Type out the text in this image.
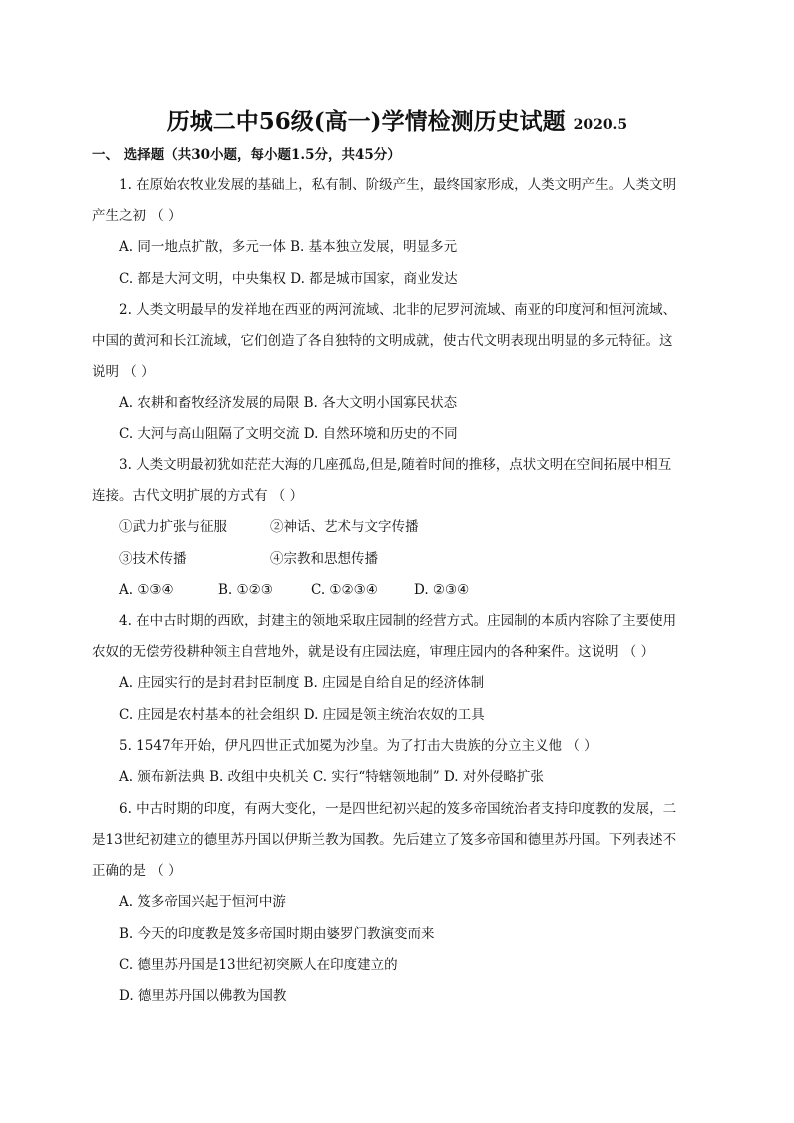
历城二中56级(高一)学情检测历史试题 2020.5
一、 选择题（共30小题，每小题1.5分，共45分）
1. 在原始农牧业发展的基础上，私有制、阶级产生，最终国家形成，人类文明产生。人类文明
产生之初 （ ）
A. 同一地点扩散，多元一体 B. 基本独立发展，明显多元
C. 都是大河文明，中央集权 D. 都是城市国家，商业发达
2. 人类文明最早的发祥地在西亚的两河流域、北非的尼罗河流域、南亚的印度河和恒河流域、
中国的黄河和长江流域，它们创造了各自独特的文明成就，使古代文明表现出明显的多元特征。这
说明 （ ）
A. 农耕和畜牧经济发展的局限 B. 各大文明小国寡民状态
C. 大河与高山阻隔了文明交流 D. 自然环境和历史的不同
3. 人类文明最初犹如茫茫大海的几座孤岛,但是,随着时间的推移，点状文明在空间拓展中相互
连接。古代文明扩展的方式有 （ ）
①武力扩张与征服	②神话、艺术与文字传播
③技术传播	④宗教和思想传播
A. ①③④	B. ①②③	C. ①②③④	D. ②③④
4. 在中古时期的西欧，封建主的领地采取庄园制的经营方式。庄园制的本质内容除了主要使用
农奴的无偿劳役耕种领主自营地外，就是设有庄园法庭，审理庄园内的各种案件。这说明 （ ）
A. 庄园实行的是封君封臣制度 B. 庄园是自给自足的经济体制
C. 庄园是农村基本的社会组织 D. 庄园是领主统治农奴的工具
5. 1547年开始，伊凡四世正式加冕为沙皇。为了打击大贵族的分立主义他 （ ）
A. 颁布新法典 B. 改组中央机关 C. 实行“特辖领地制” D. 对外侵略扩张
6. 中古时期的印度，有两大变化，一是四世纪初兴起的笈多帝国统治者支持印度教的发展，二
是13世纪初建立的德里苏丹国以伊斯兰教为国教。先后建立了笈多帝国和德里苏丹国。下列表述不
正确的是 （ ）
A. 笈多帝国兴起于恒河中游
B. 今天的印度教是笈多帝国时期由婆罗门教演变而来
C. 德里苏丹国是13世纪初突厥人在印度建立的
D. 德里苏丹国以佛教为国教
